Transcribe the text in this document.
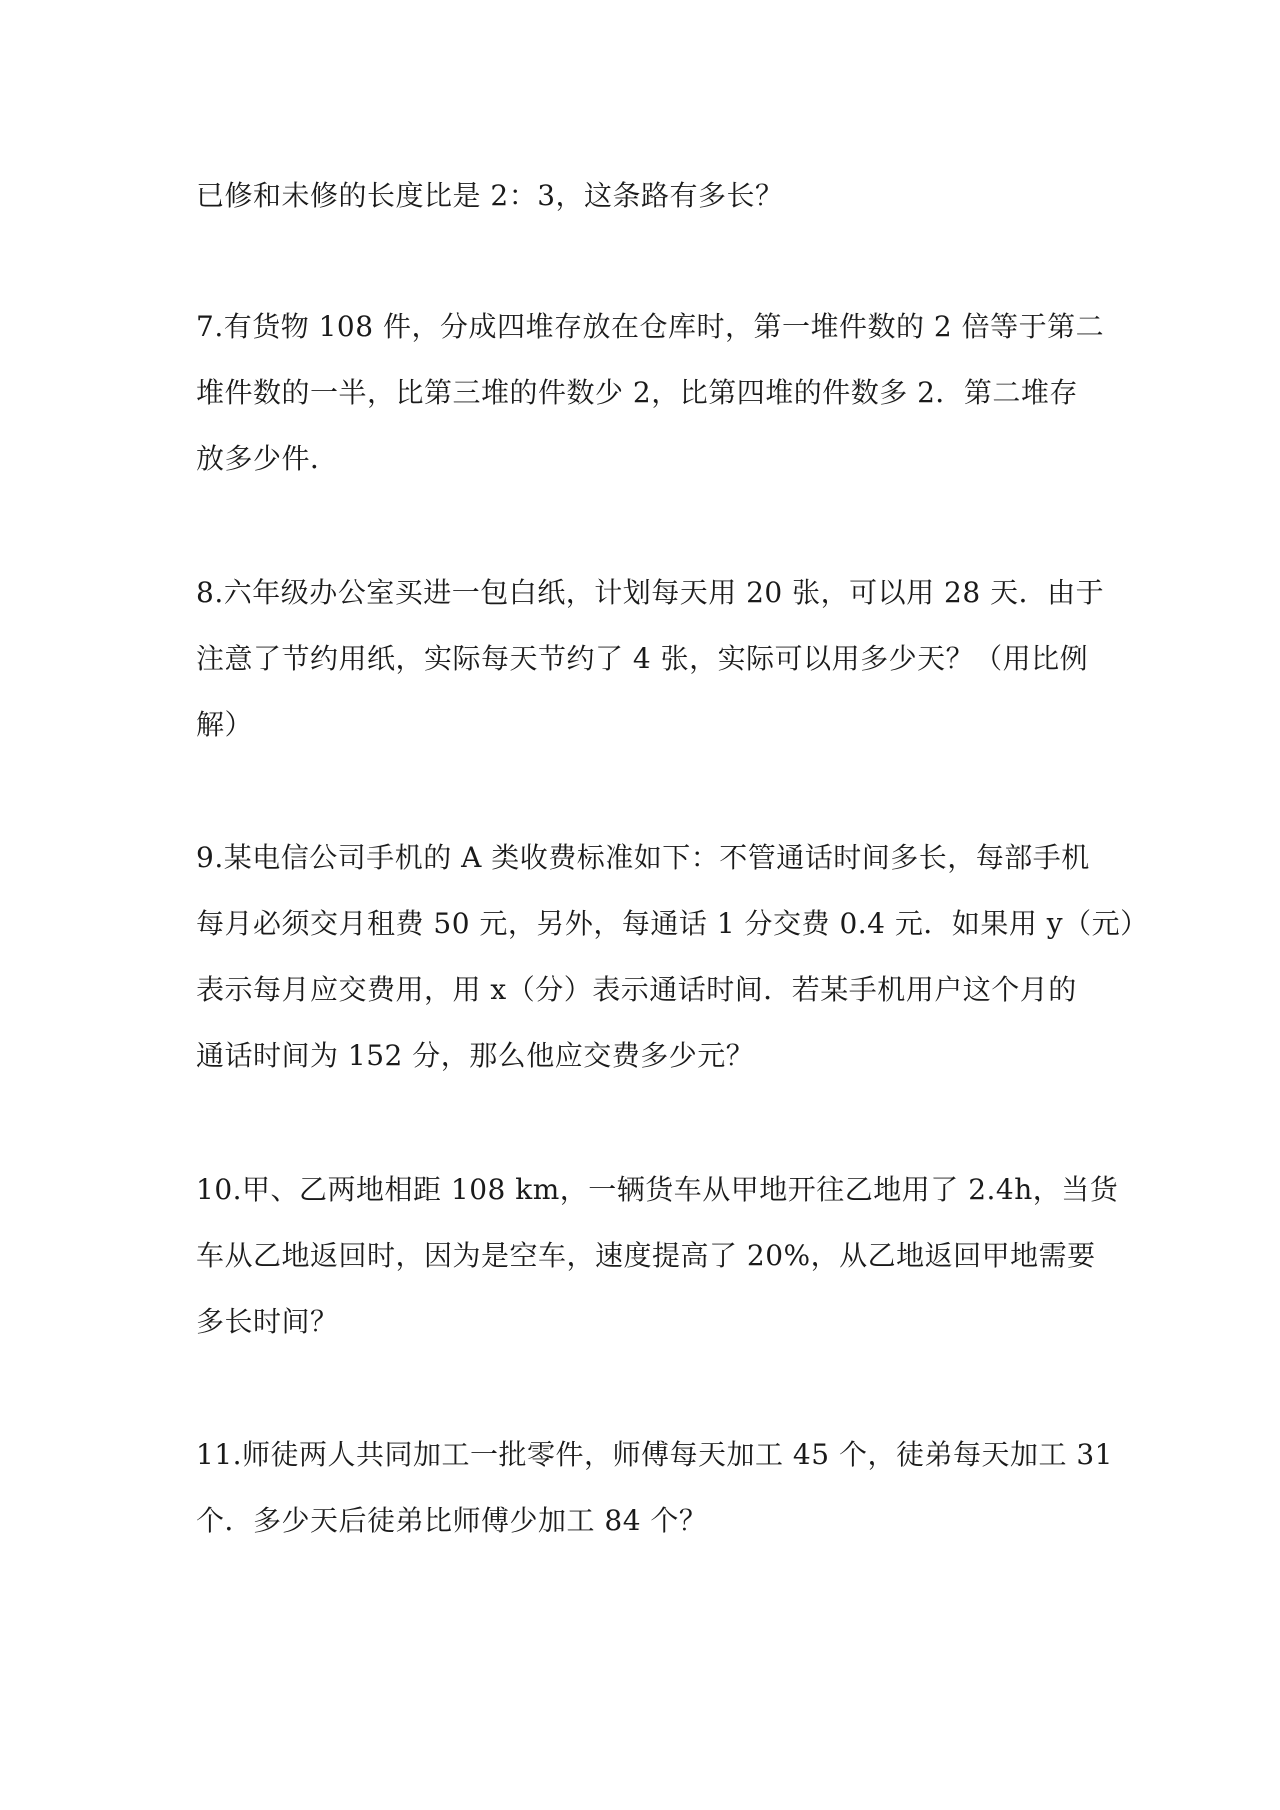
已修和未修的长度比是 2：3，这条路有多长？
7.有货物 108 件，分成四堆存放在仓库时，第一堆件数的 2 倍等于第二
堆件数的一半，比第三堆的件数少 2，比第四堆的件数多 2．第二堆存
放多少件．
8.六年级办公室买进一包白纸，计划每天用 20 张，可以用 28 天．由于
注意了节约用纸，实际每天节约了 4 张，实际可以用多少天？（用比例
解）
9.某电信公司手机的 A 类收费标准如下：不管通话时间多长，每部手机
每月必须交月租费 50 元，另外，每通话 1 分交费 0.4 元．如果用 y（元）
表示每月应交费用，用 x（分）表示通话时间．若某手机用户这个月的
通话时间为 152 分，那么他应交费多少元？
10.甲、乙两地相距 108 km，一辆货车从甲地开往乙地用了 2.4h，当货
车从乙地返回时，因为是空车，速度提高了 20%，从乙地返回甲地需要
多长时间？
11.师徒两人共同加工一批零件，师傅每天加工 45 个，徒弟每天加工 31
个．多少天后徒弟比师傅少加工 84 个？
